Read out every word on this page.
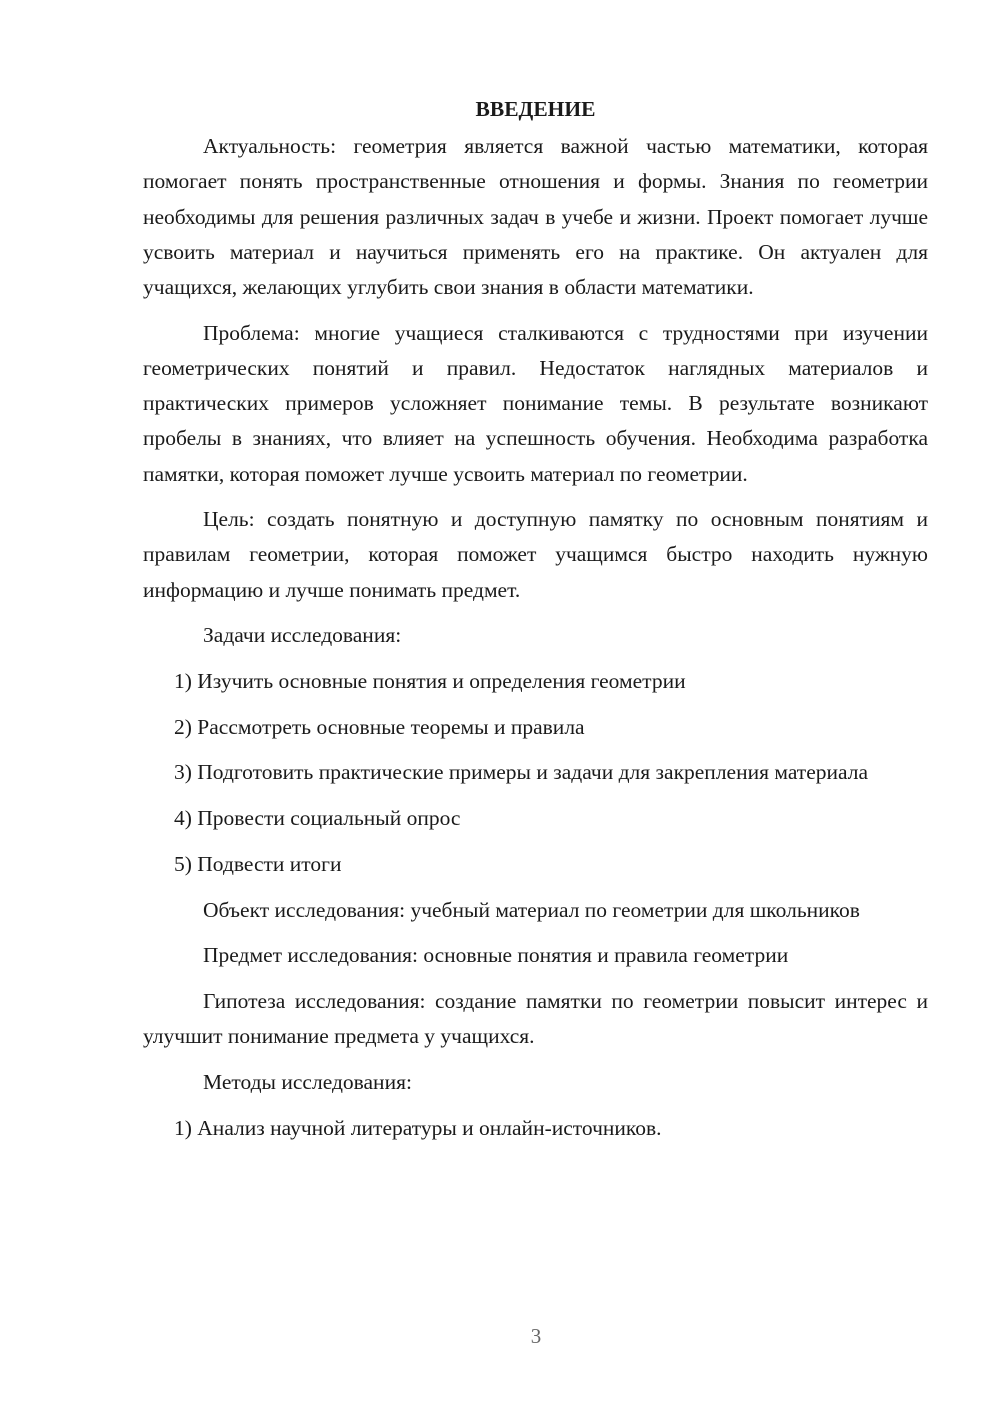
ВВЕДЕНИЕ

Актуальность: геометрия является важной частью математики, которая помогает понять пространственные отношения и формы. Знания по геометрии необходимы для решения различных задач в учебе и жизни. Проект помогает лучше усвоить материал и научиться применять его на практике. Он актуален для учащихся, желающих углубить свои знания в области математики.

Проблема: многие учащиеся сталкиваются с трудностями при изучении геометрических понятий и правил. Недостаток наглядных материалов и практических примеров усложняет понимание темы. В результате возникают пробелы в знаниях, что влияет на успешность обучения. Необходима разработка памятки, которая поможет лучше усвоить материал по геометрии.

Цель: создать понятную и доступную памятку по основным понятиям и правилам геометрии, которая поможет учащимся быстро находить нужную информацию и лучше понимать предмет.

Задачи исследования:

1) Изучить основные понятия и определения геометрии

2) Рассмотреть основные теоремы и правила

3) Подготовить практические примеры и задачи для закрепления материала

4) Провести социальный опрос

5) Подвести итоги

Объект исследования: учебный материал по геометрии для школьников

Предмет исследования: основные понятия и правила геометрии

Гипотеза исследования: создание памятки по геометрии повысит интерес и улучшит понимание предмета у учащихся.

Методы исследования:

1) Анализ научной литературы и онлайн-источников.

3
